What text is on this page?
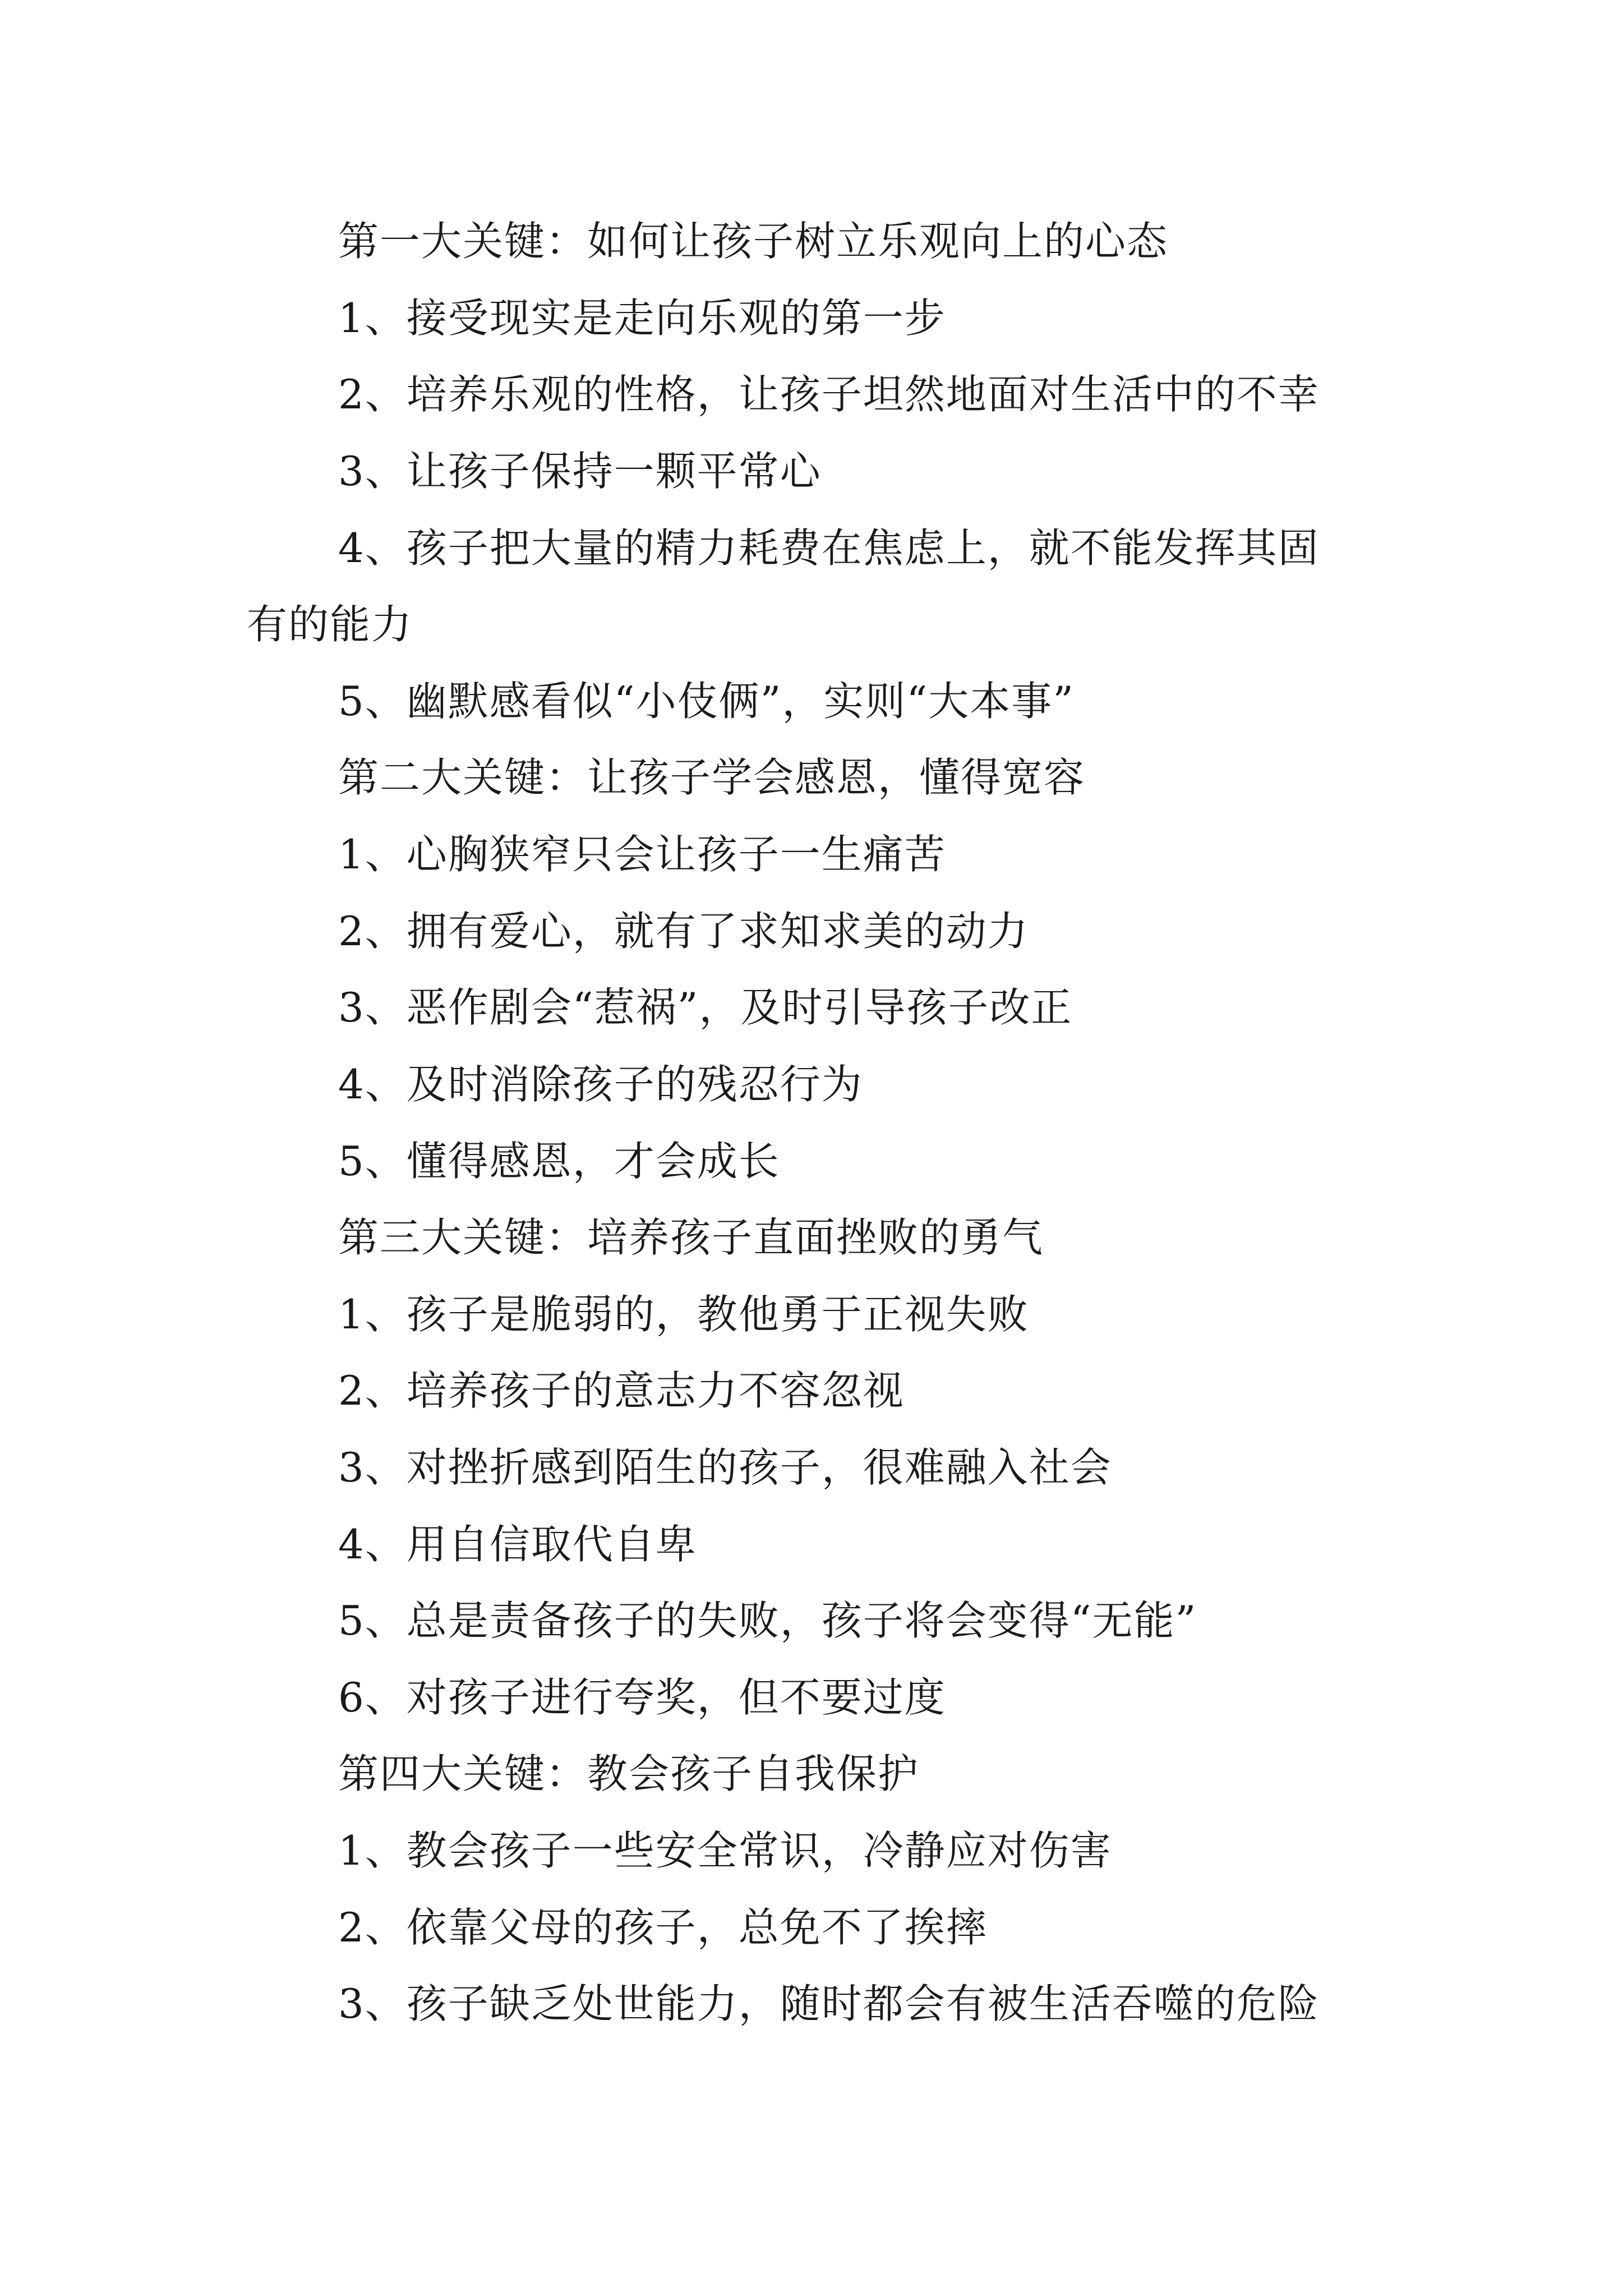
第一大关键：如何让孩子树立乐观向上的心态
1、接受现实是走向乐观的第一步
2、培养乐观的性格，让孩子坦然地面对生活中的不幸
3、让孩子保持一颗平常心
4、孩子把大量的精力耗费在焦虑上，就不能发挥其固
有的能力
5、幽默感看似“小伎俩”，实则“大本事”
第二大关键：让孩子学会感恩，懂得宽容
1、心胸狭窄只会让孩子一生痛苦
2、拥有爱心，就有了求知求美的动力
3、恶作剧会“惹祸”，及时引导孩子改正
4、及时消除孩子的残忍行为
5、懂得感恩，才会成长
第三大关键：培养孩子直面挫败的勇气
1、孩子是脆弱的，教他勇于正视失败
2、培养孩子的意志力不容忽视
3、对挫折感到陌生的孩子，很难融入社会
4、用自信取代自卑
5、总是责备孩子的失败，孩子将会变得“无能”
6、对孩子进行夸奖，但不要过度
第四大关键：教会孩子自我保护
1、教会孩子一些安全常识，冷静应对伤害
2、依靠父母的孩子，总免不了挨摔
3、孩子缺乏处世能力，随时都会有被生活吞噬的危险
